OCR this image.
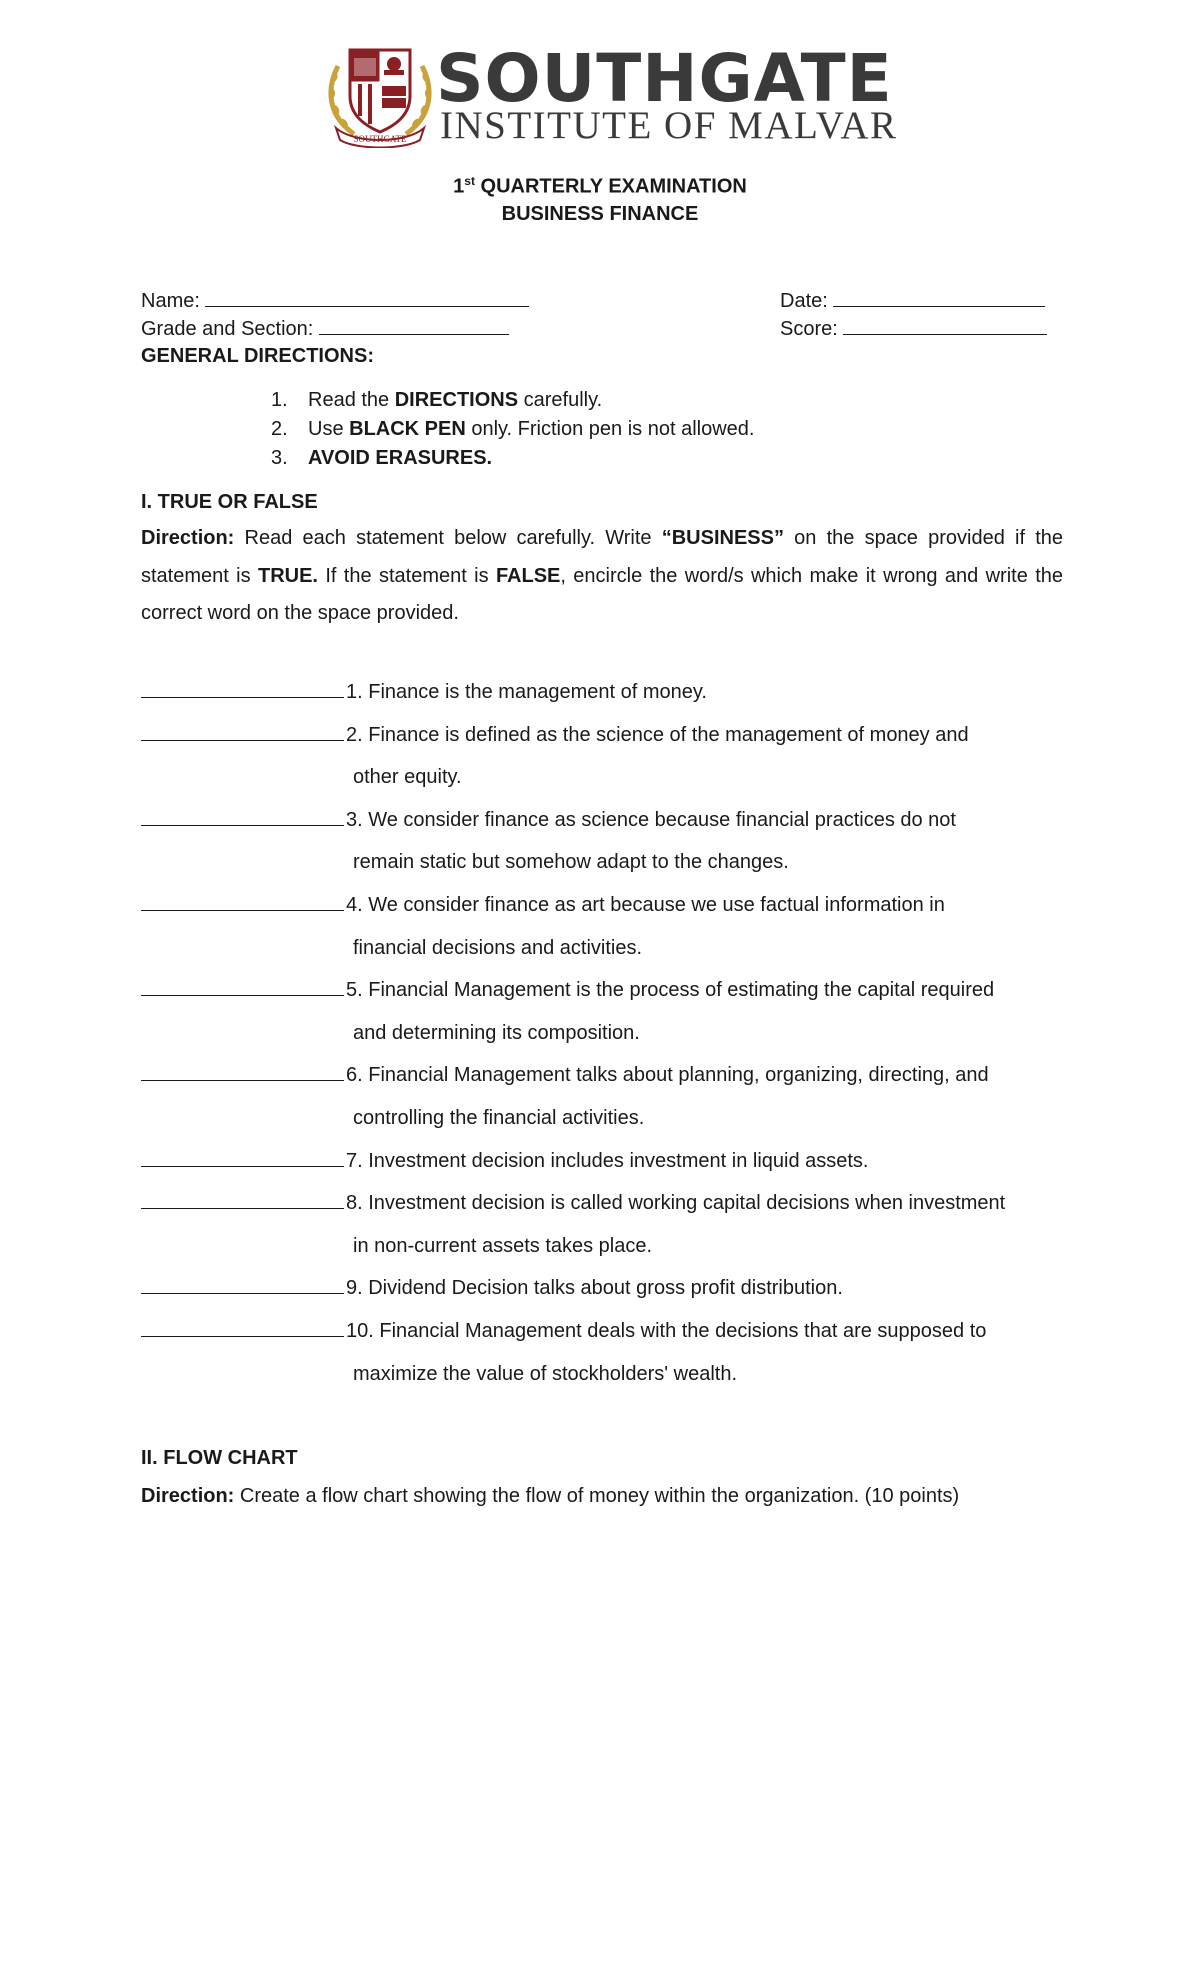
SOUTHGATE
SOUTHGATE
INSTITUTE OF MALVAR
1st QUARTERLY EXAMINATION
BUSINESS FINANCE
Name:	Date:
Grade and Section:	Score:
GENERAL DIRECTIONS:
1. Read the DIRECTIONS carefully.
2. Use BLACK PEN only. Friction pen is not allowed.
3. AVOID ERASURES.
I. TRUE OR FALSE
Direction: Read each statement below carefully. Write “BUSINESS” on the space provided if the statement is TRUE. If the statement is FALSE, encircle the word/s which make it wrong and write the correct word on the space provided.
1. Finance is the management of money.
2. Finance is defined as the science of the management of money and
other equity.
3. We consider finance as science because financial practices do not
remain static but somehow adapt to the changes.
4. We consider finance as art because we use factual information in
financial decisions and activities.
5. Financial Management is the process of estimating the capital required
and determining its composition.
6. Financial Management talks about planning, organizing, directing, and
controlling the financial activities.
7. Investment decision includes investment in liquid assets.
8. Investment decision is called working capital decisions when investment
in non-current assets takes place.
9. Dividend Decision talks about gross profit distribution.
10. Financial Management deals with the decisions that are supposed to
maximize the value of stockholders' wealth.
II. FLOW CHART
Direction: Create a flow chart showing the flow of money within the organization. (10 points)
